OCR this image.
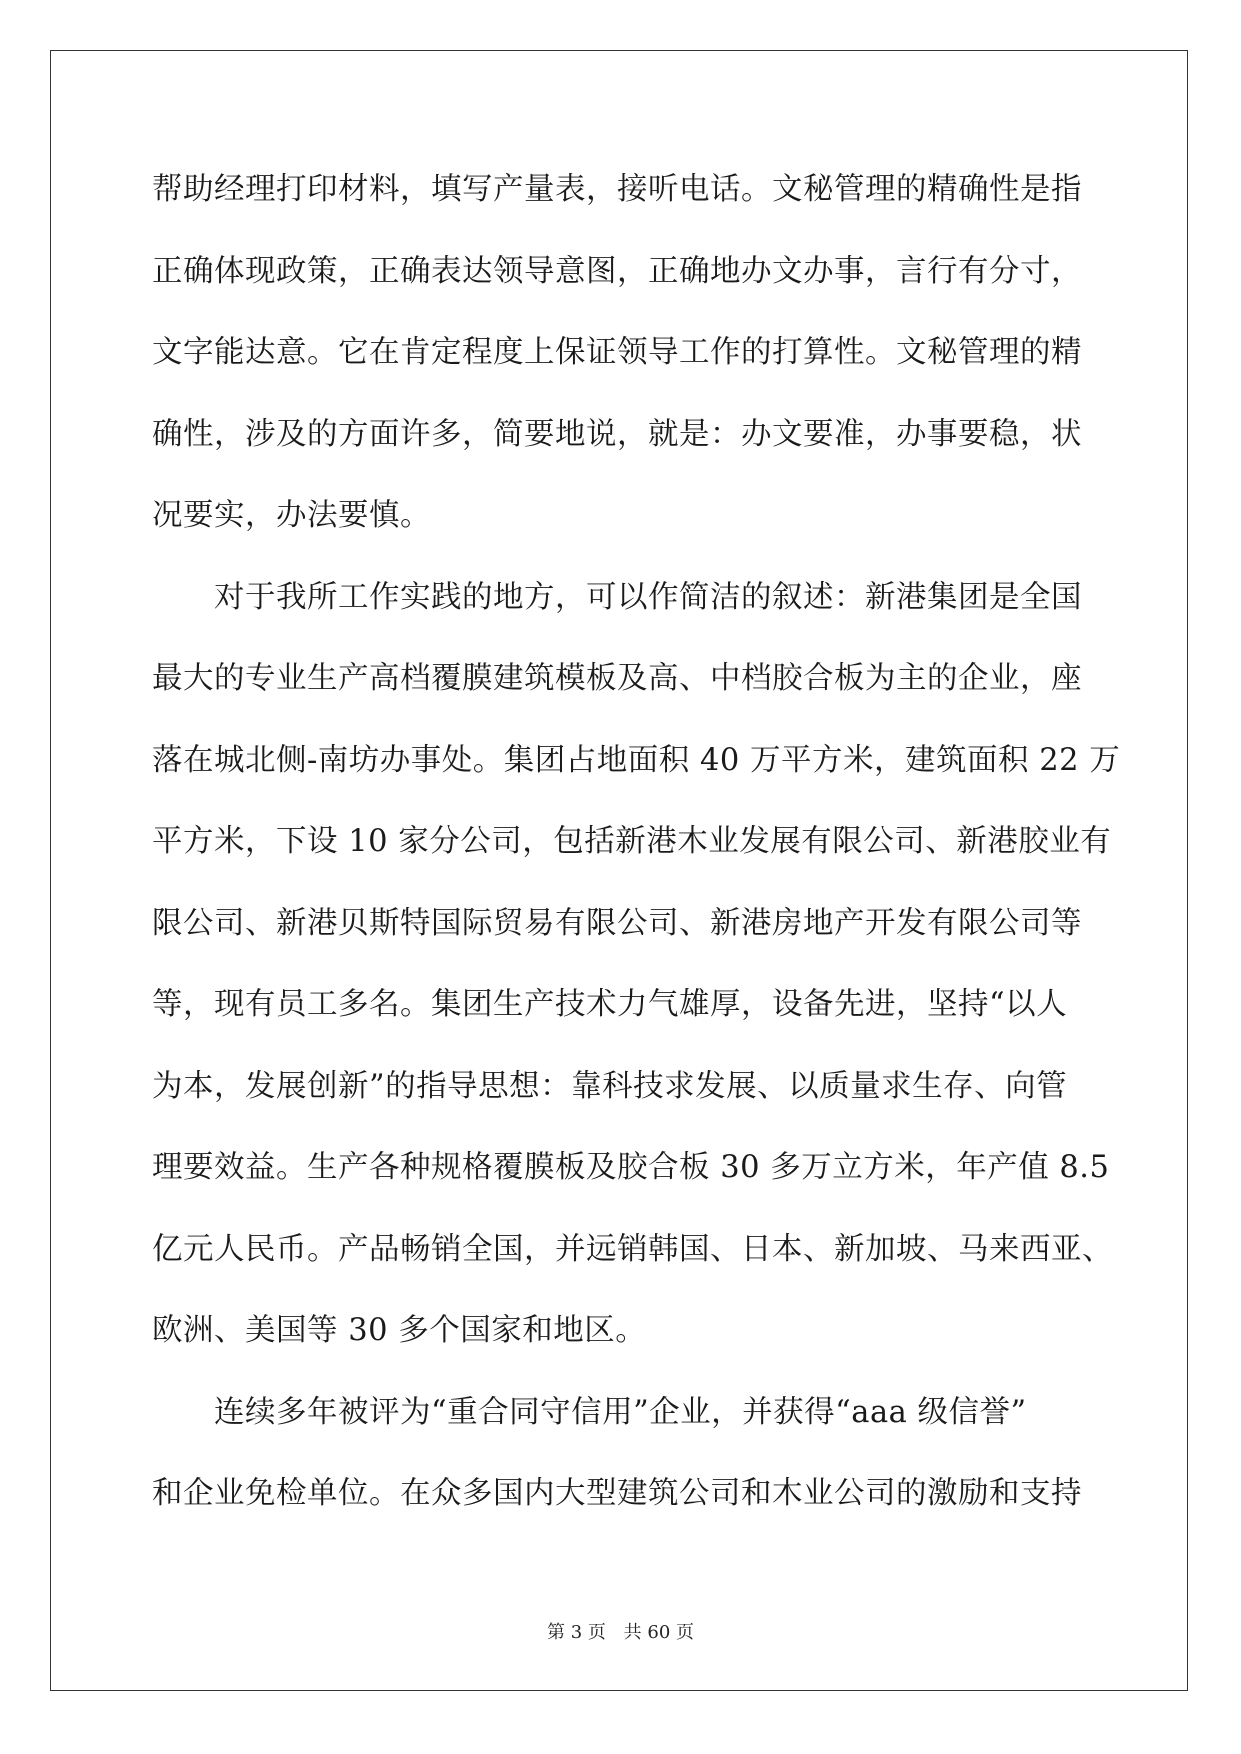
帮助经理打印材料，填写产量表，接听电话。文秘管理的精确性是指
正确体现政策，正确表达领导意图，正确地办文办事，言行有分寸，
文字能达意。它在肯定程度上保证领导工作的打算性。文秘管理的精
确性，涉及的方面许多，简要地说，就是：办文要准，办事要稳，状
况要实，办法要慎。
对于我所工作实践的地方，可以作简洁的叙述：新港集团是全国
最大的专业生产高档覆膜建筑模板及高、中档胶合板为主的企业，座
落在城北侧-南坊办事处。集团占地面积 40 万平方米，建筑面积 22 万
平方米，下设 10 家分公司，包括新港木业发展有限公司、新港胶业有
限公司、新港贝斯特国际贸易有限公司、新港房地产开发有限公司等
等，现有员工多名。集团生产技术力气雄厚，设备先进，坚持“以人
为本，发展创新”的指导思想：靠科技求发展、以质量求生存、向管
理要效益。生产各种规格覆膜板及胶合板 30 多万立方米，年产值 8.5
亿元人民币。产品畅销全国，并远销韩国、日本、新加坡、马来西亚、
欧洲、美国等 30 多个国家和地区。
连续多年被评为“重合同守信用”企业，并获得“aaa 级信誉”
和企业免检单位。在众多国内大型建筑公司和木业公司的激励和支持
第 3 页 共 60 页
